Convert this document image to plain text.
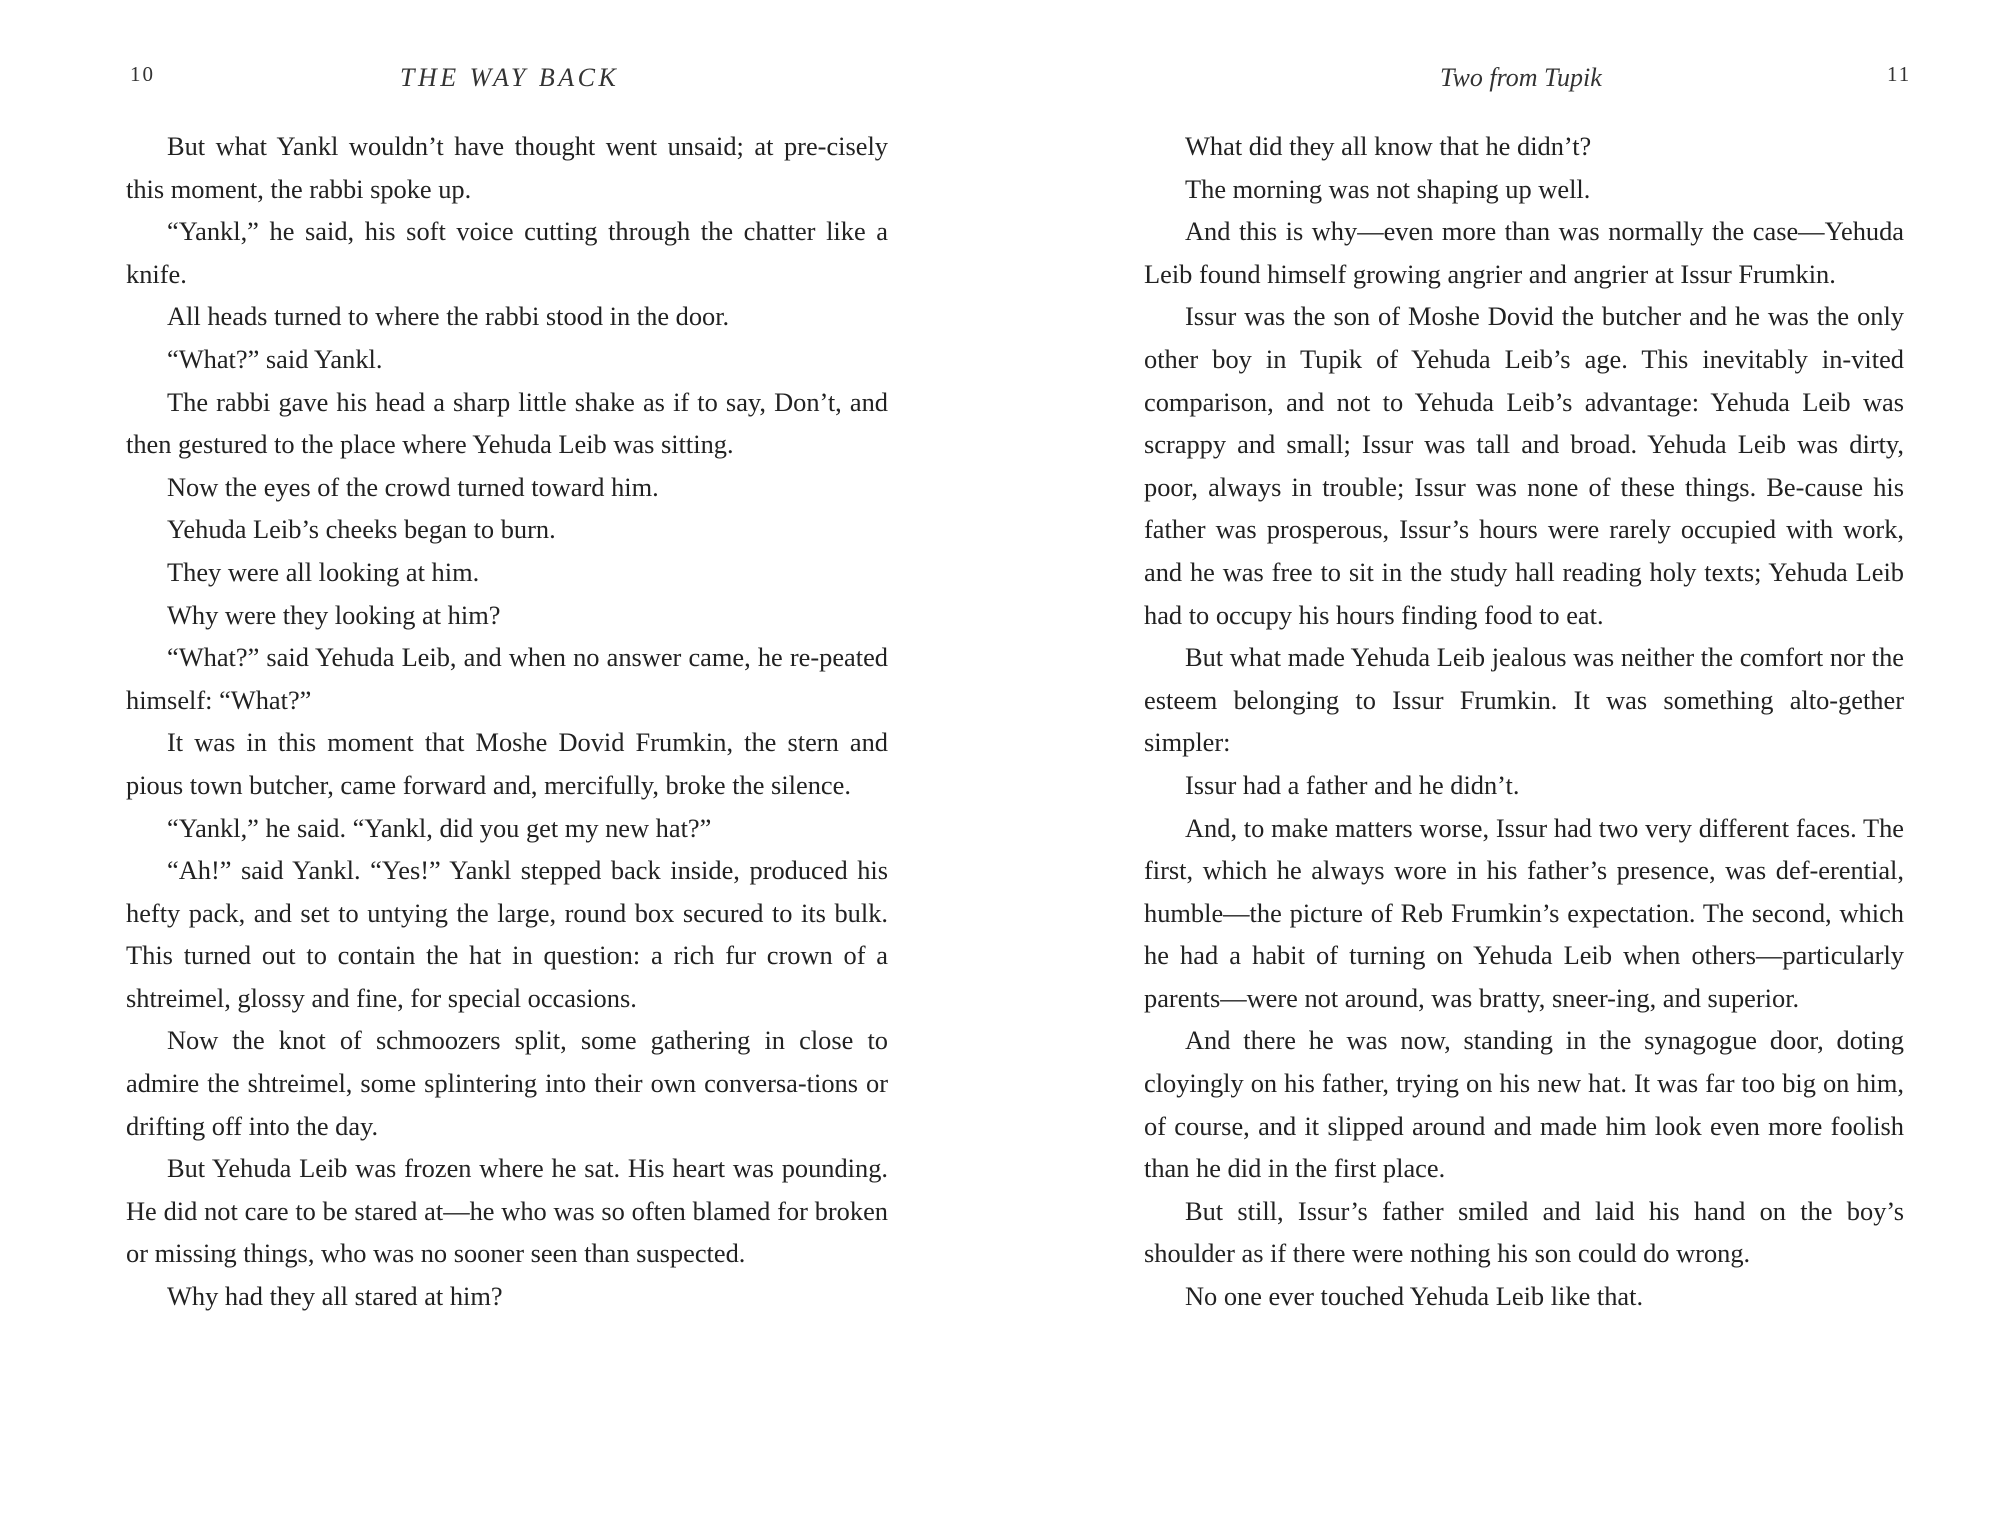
10	THE WAY BACK

But what Yankl wouldn’t have thought went unsaid; at pre-cisely this moment, the rabbi spoke up.

“Yankl,” he said, his soft voice cutting through the chatter like a knife.

All heads turned to where the rabbi stood in the door.

“What?” said Yankl.

The rabbi gave his head a sharp little shake as if to say, Don’t, and then gestured to the place where Yehuda Leib was sitting.

Now the eyes of the crowd turned toward him.

Yehuda Leib’s cheeks began to burn.

They were all looking at him.

Why were they looking at him?

“What?” said Yehuda Leib, and when no answer came, he re-peated himself: “What?”

It was in this moment that Moshe Dovid Frumkin, the stern and pious town butcher, came forward and, mercifully, broke the silence.

“Yankl,” he said. “Yankl, did you get my new hat?”

“Ah!” said Yankl. “Yes!” Yankl stepped back inside, produced his hefty pack, and set to untying the large, round box secured to its bulk. This turned out to contain the hat in question: a rich fur crown of a shtreimel, glossy and fine, for special occasions.

Now the knot of schmoozers split, some gathering in close to admire the shtreimel, some splintering into their own conversa-tions or drifting off into the day.

But Yehuda Leib was frozen where he sat. His heart was pounding. He did not care to be stared at—he who was so often blamed for broken or missing things, who was no sooner seen than suspected.

Why had they all stared at him?

Two from Tupik	11

What did they all know that he didn’t?

The morning was not shaping up well.

And this is why—even more than was normally the case—Yehuda Leib found himself growing angrier and angrier at Issur Frumkin.

Issur was the son of Moshe Dovid the butcher and he was the only other boy in Tupik of Yehuda Leib’s age. This inevitably in-vited comparison, and not to Yehuda Leib’s advantage: Yehuda Leib was scrappy and small; Issur was tall and broad. Yehuda Leib was dirty, poor, always in trouble; Issur was none of these things. Be-cause his father was prosperous, Issur’s hours were rarely occupied with work, and he was free to sit in the study hall reading holy texts; Yehuda Leib had to occupy his hours finding food to eat.

But what made Yehuda Leib jealous was neither the comfort nor the esteem belonging to Issur Frumkin. It was something alto-gether simpler:

Issur had a father and he didn’t.

And, to make matters worse, Issur had two very different faces. The first, which he always wore in his father’s presence, was def-erential, humble—the picture of Reb Frumkin’s expectation. The second, which he had a habit of turning on Yehuda Leib when others—particularly parents—were not around, was bratty, sneer-ing, and superior.

And there he was now, standing in the synagogue door, doting cloyingly on his father, trying on his new hat. It was far too big on him, of course, and it slipped around and made him look even more foolish than he did in the first place.

But still, Issur’s father smiled and laid his hand on the boy’s shoulder as if there were nothing his son could do wrong.

No one ever touched Yehuda Leib like that.
